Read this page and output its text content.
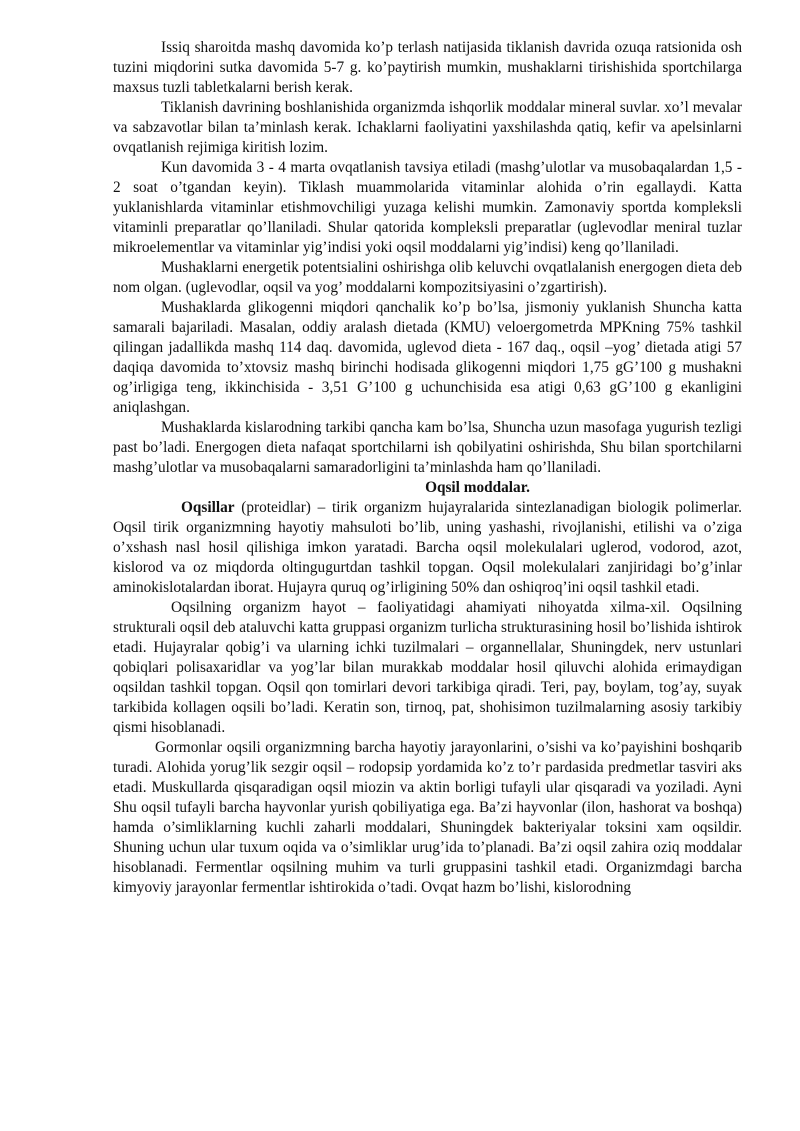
Issiq sharoitda mashq davomida ko’p terlash natijasida tiklanish davrida ozuqa ratsionida osh tuzini miqdorini sutka davomida 5-7 g. ko’paytirish mumkin, mushaklarni tirishishida sportchilarga maxsus tuzli tabletkalarni berish kerak.

Tiklanish davrining boshlanishida organizmda ishqorlik moddalar mineral suvlar. xo’l mevalar va sabzavotlar bilan ta’minlash kerak. Ichaklarni faoliyatini yaxshilashda qatiq, kefir va apelsinlarni ovqatlanish rejimiga kiritish lozim.

Kun davomida 3 - 4 marta ovqatlanish tavsiya etiladi (mashg’ulotlar va musobaqalardan 1,5 - 2 soat o’tgandan keyin). Tiklash muammolarida vitaminlar alohida o’rin egallaydi. Katta yuklanishlarda vitaminlar etishmovchiligi yuzaga kelishi mumkin. Zamonaviy sportda kompleksli vitaminli preparatlar qo’llaniladi. Shular qatorida kompleksli preparatlar (uglevodlar meniral tuzlar mikroelementlar va vitaminlar yig’indisi yoki oqsil moddalarni yig’indisi) keng qo’llaniladi.

Mushaklarni energetik potentsialini oshirishga olib keluvchi ovqatlalanish energogen dieta deb nom olgan. (uglevodlar, oqsil va yog’ moddalarni kompozitsiyasini o’zgartirish).

Mushaklarda glikogenni miqdori qanchalik ko’p bo’lsa, jismoniy yuklanish Shuncha katta samarali bajariladi. Masalan, oddiy aralash dietada (KMU) veloergometrda MPKning 75% tashkil qilingan jadallikda mashq 114 daq. davomida, uglevod dieta - 167 daq., oqsil –yog’ dietada atigi 57 daqiqa davomida to’xtovsiz mashq birinchi hodisada glikogenni miqdori 1,75 gG’100 g mushakni og’irligiga teng, ikkinchisida - 3,51 G’100 g uchunchisida esa atigi 0,63 gG’100 g ekanligini aniqlashgan.

Mushaklarda kislarodning tarkibi qancha kam bo’lsa, Shuncha uzun masofaga yugurish tezligi past bo’ladi. Energogen dieta nafaqat sportchilarni ish qobilyatini oshirishda, Shu bilan sportchilarni mashg’ulotlar va musobaqalarni samaradorligini ta’minlashda ham qo’llaniladi.

Oqsil moddalar.

Oqsillar (proteidlar) – tirik organizm hujayralarida sintezlanadigan biologik polimerlar. Oqsil tirik organizmning hayotiy mahsuloti bo’lib, uning yashashi, rivojlanishi, etilishi va o’ziga o’xshash nasl hosil qilishiga imkon yaratadi. Barcha oqsil molekulalari uglerod, vodorod, azot, kislorod va oz miqdorda oltingugurtdan tashkil topgan. Oqsil molekulalari zanjiridagi bo’g’inlar aminokislotalardan iborat. Hujayra quruq og’irligining 50% dan oshiqroq’ini oqsil tashkil etadi.

Oqsilning organizm hayot – faoliyatidagi ahamiyati nihoyatda xilma-xil. Oqsilning strukturali oqsil deb ataluvchi katta gruppasi organizm turlicha strukturasining hosil bo’lishida ishtirok etadi. Hujayralar qobig’i va ularning ichki tuzilmalari – organnellalar, Shuningdek, nerv ustunlari qobiqlari polisaxaridlar va yog’lar bilan murakkab moddalar hosil qiluvchi alohida erimaydigan oqsildan tashkil topgan. Oqsil qon tomirlari devori tarkibiga qiradi. Teri, pay, boylam, tog’ay, suyak tarkibida kollagen oqsili bo’ladi. Keratin son, tirnoq, pat, shohisimon tuzilmalarning asosiy tarkibiy qismi hisoblanadi.

Gormonlar oqsili organizmning barcha hayotiy jarayonlarini, o’sishi va ko’payishini boshqarib turadi. Alohida yorug’lik sezgir oqsil – rodopsip yordamida ko’z to’r pardasida predmetlar tasviri aks etadi. Muskullarda qisqaradigan oqsil miozin va aktin borligi tufayli ular qisqaradi va yoziladi. Ayni Shu oqsil tufayli barcha hayvonlar yurish qobiliyatiga ega. Ba’zi hayvonlar (ilon, hashorat va boshqa) hamda o’simliklarning kuchli zaharli moddalari, Shuningdek bakteriyalar toksini xam oqsildir. Shuning uchun ular tuxum oqida va o’simliklar urug’ida to’planadi. Ba’zi oqsil zahira oziq moddalar hisoblanadi. Fermentlar oqsilning muhim va turli gruppasini tashkil etadi. Organizmdagi barcha kimyoviy jarayonlar fermentlar ishtirokida o’tadi. Ovqat hazm bo’lishi, kislorodning
